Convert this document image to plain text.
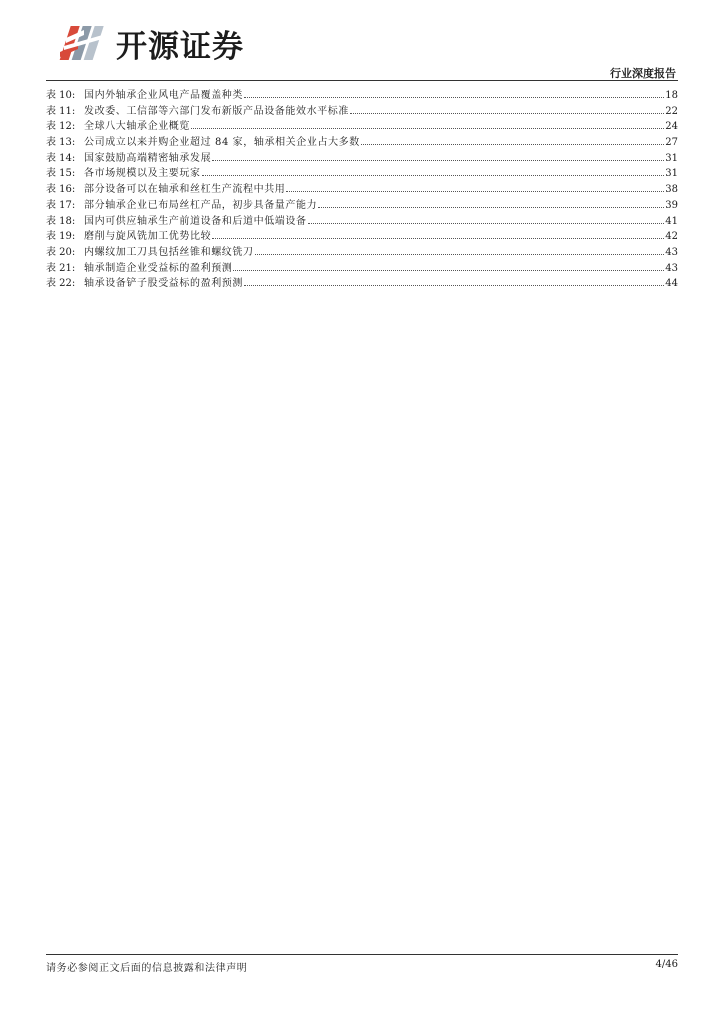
开源证券
行业深度报告
表 10: 国内外轴承企业风电产品覆盖种类	18
表 11: 发改委、工信部等六部门发布新版产品设备能效水平标准	22
表 12: 全球八大轴承企业概览	24
表 13: 公司成立以来并购企业超过 84 家，轴承相关企业占大多数	27
表 14: 国家鼓励高端精密轴承发展	31
表 15: 各市场规模以及主要玩家	31
表 16: 部分设备可以在轴承和丝杠生产流程中共用	38
表 17: 部分轴承企业已布局丝杠产品，初步具备量产能力	39
表 18: 国内可供应轴承生产前道设备和后道中低端设备	41
表 19: 磨削与旋风铣加工优势比较	42
表 20: 内螺纹加工刀具包括丝锥和螺纹铣刀	43
表 21: 轴承制造企业受益标的盈利预测	43
表 22: 轴承设备铲子股受益标的盈利预测	44
请务必参阅正文后面的信息披露和法律声明	4/46
